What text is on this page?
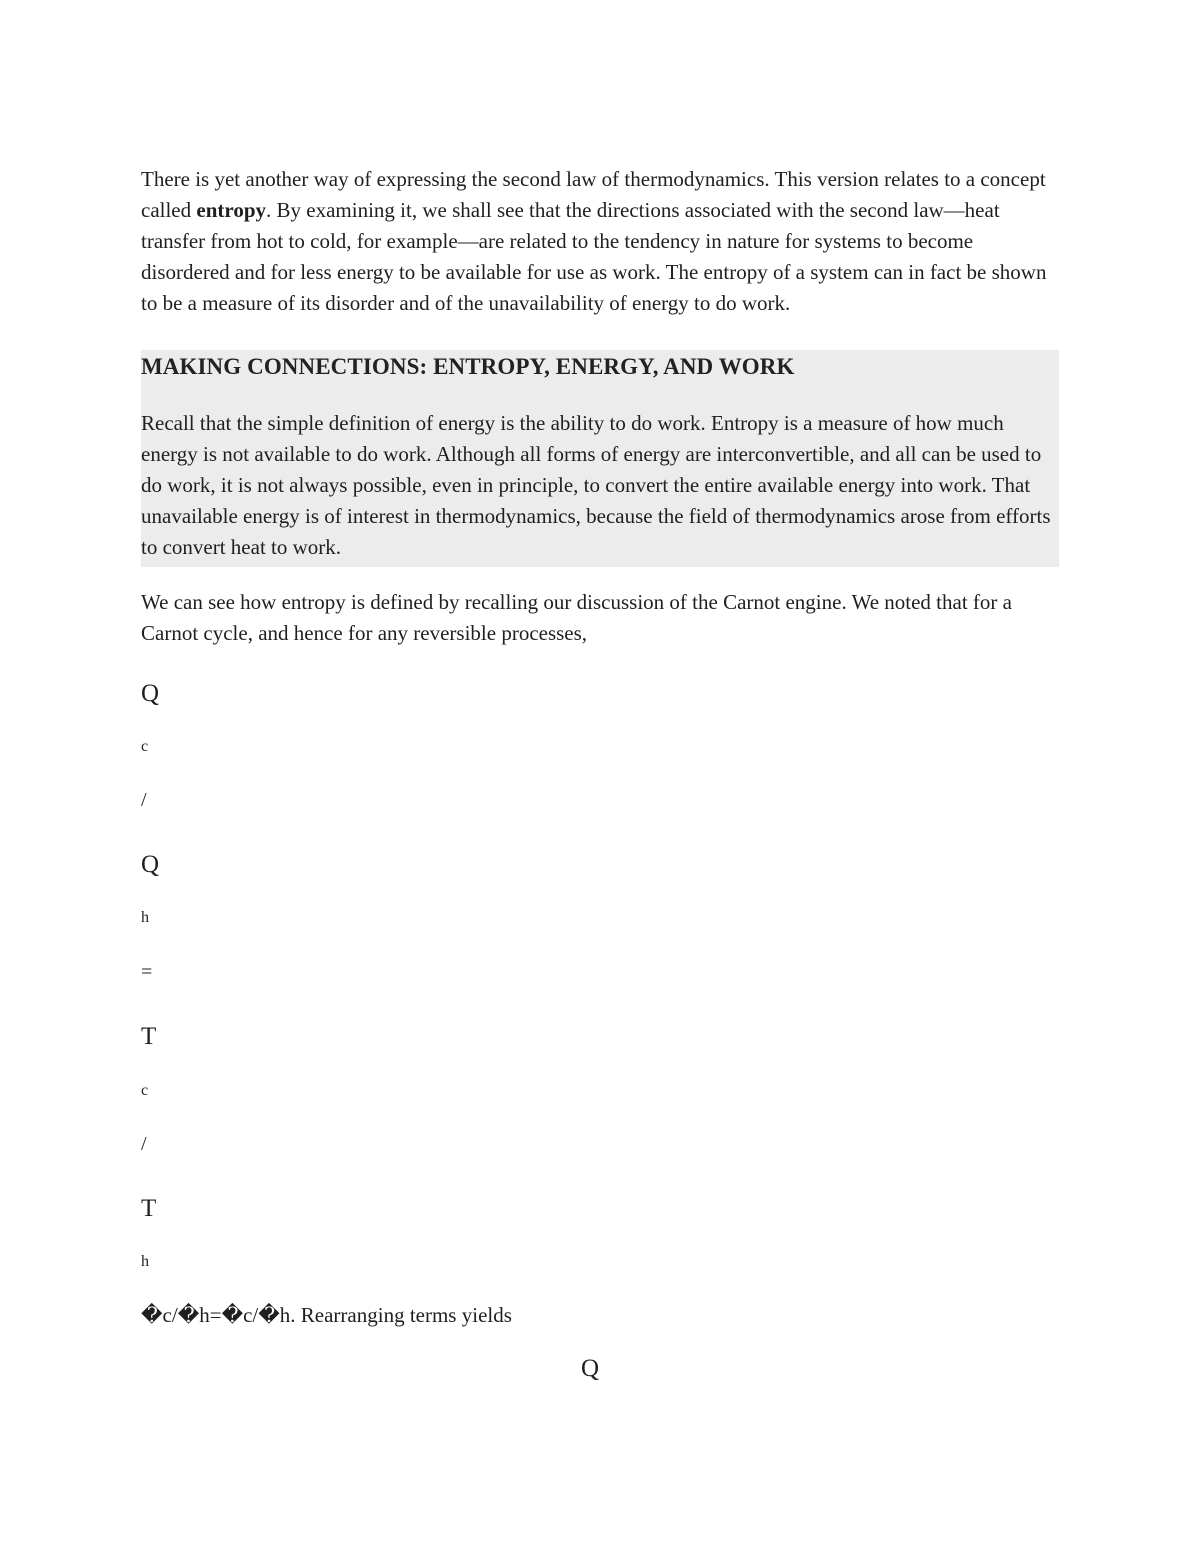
There is yet another way of expressing the second law of thermodynamics. This version relates to a concept called entropy. By examining it, we shall see that the directions associated with the second law—heat transfer from hot to cold, for example—are related to the tendency in nature for systems to become disordered and for less energy to be available for use as work. The entropy of a system can in fact be shown to be a measure of its disorder and of the unavailability of energy to do work.

MAKING CONNECTIONS: ENTROPY, ENERGY, AND WORK

Recall that the simple definition of energy is the ability to do work. Entropy is a measure of how much energy is not available to do work. Although all forms of energy are interconvertible, and all can be used to do work, it is not always possible, even in principle, to convert the entire available energy into work. That unavailable energy is of interest in thermodynamics, because the field of thermodynamics arose from efforts to convert heat to work.

We can see how entropy is defined by recalling our discussion of the Carnot engine. We noted that for a Carnot cycle, and hence for any reversible processes,

Q

c

/

Q

h

=

T

c

/

T

h

�c/�h=�c/�h. Rearranging terms yields

Q
